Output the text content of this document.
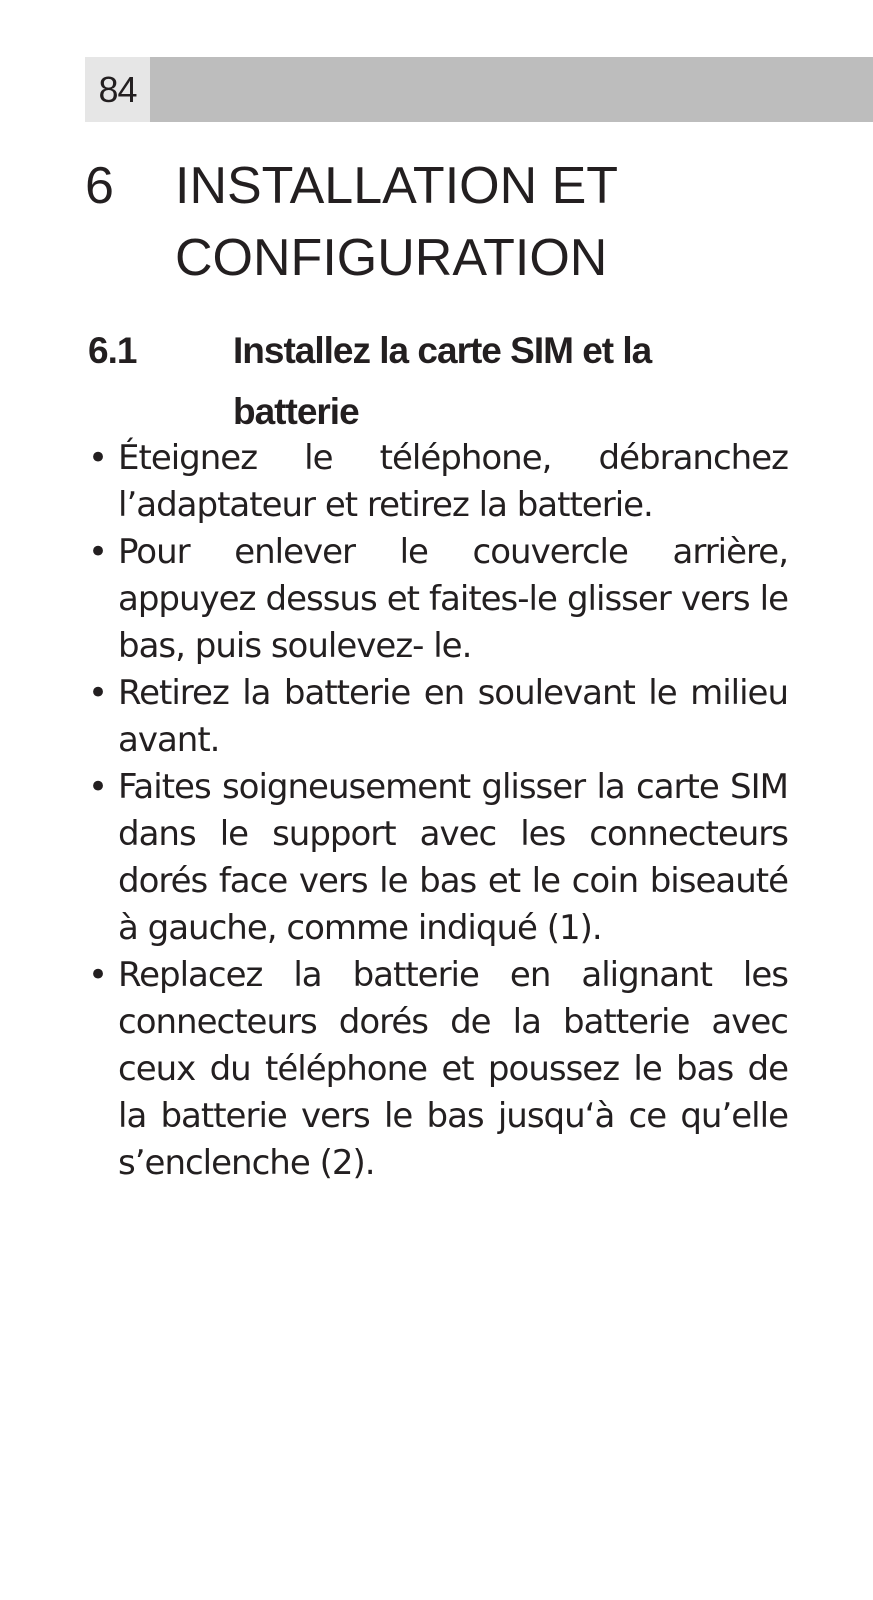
84
6 INSTALLATION ET CONFIGURATION
6.1	Installez la carte SIM et la batterie
• Éteignez le téléphone, débranchez l’adaptateur et retirez la batterie.
• Pour enlever le couvercle arrière, appuyez dessus et faites-le glisser vers le bas, puis soulevez- le.
• Retirez la batterie en soulevant le milieu avant.
• Faites soigneusement glisser la carte SIM dans le support avec les connecteurs dorés face vers le bas et le coin biseauté à gauche, comme indiqué (1).
• Replacez la batterie en alignant les connecteurs dorés de la batterie avec ceux du téléphone et poussez le bas de la batterie vers le bas jusqu‘à ce qu’elle s’enclenche (2).
